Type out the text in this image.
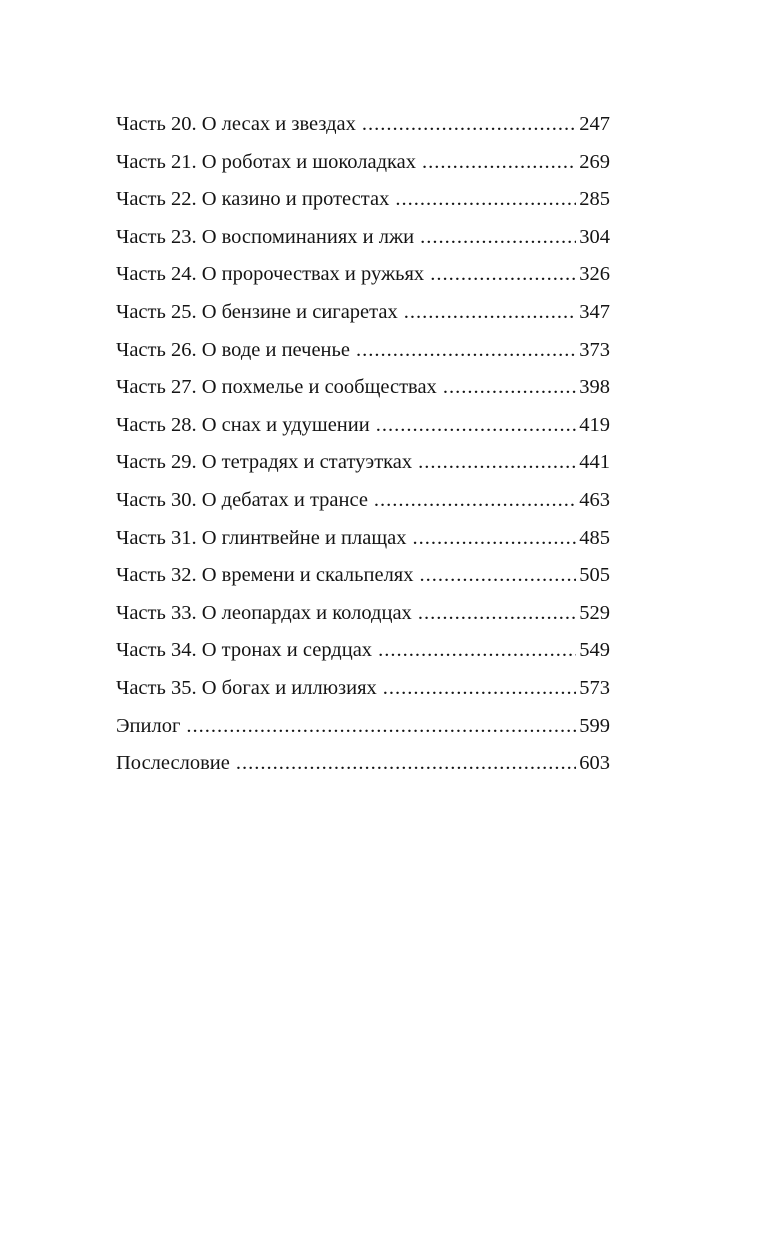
Часть 20. О лесах и звездах .....	247
Часть 21. О роботах и шоколадках .....	269
Часть 22. О казино и протестах .....	285
Часть 23. О воспоминаниях и лжи .....	304
Часть 24. О пророчествах и ружьях .....	326
Часть 25. О бензине и сигаретах .....	347
Часть 26. О воде и печенье .....	373
Часть 27. О похмелье и сообществах .....	398
Часть 28. О снах и удушении .....	419
Часть 29. О тетрадях и статуэтках .....	441
Часть 30. О дебатах и трансе .....	463
Часть 31. О глинтвейне и плащах .....	485
Часть 32. О времени и скальпелях .....	505
Часть 33. О леопардах и колодцах .....	529
Часть 34. О тронах и сердцах .....	549
Часть 35. О богах и иллюзиях .....	573
Эпилог .....	599
Послесловие .....	603
